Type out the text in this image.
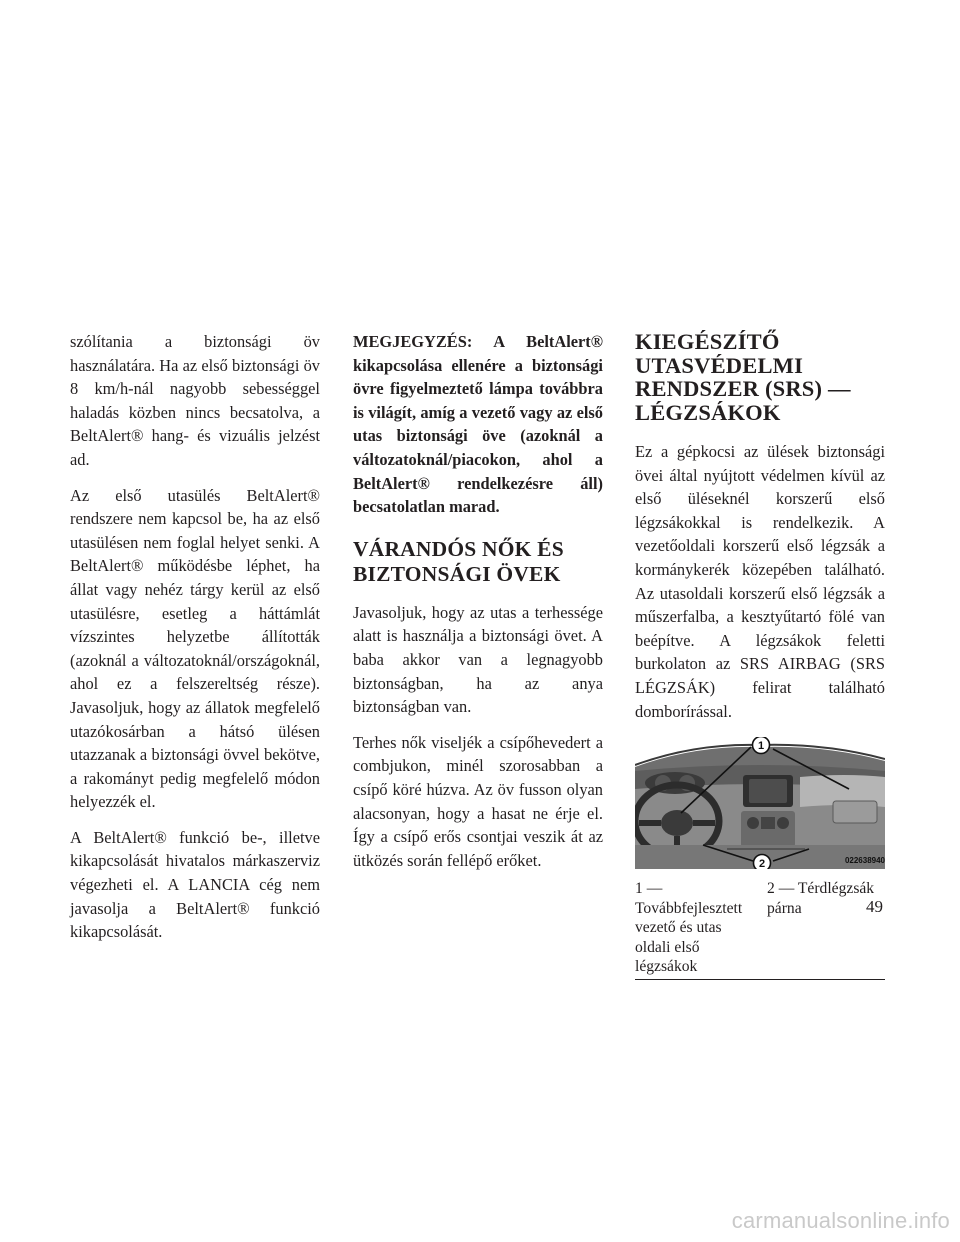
szólítania a biztonsági öv használatára. Ha az első biztonsági öv 8 km/h-nál nagyobb sebességgel haladás közben nincs becsatolva, a BeltAlert® hang- és vizuális jelzést ad.

Az első utasülés BeltAlert® rendszere nem kapcsol be, ha az első utasülésen nem foglal helyet senki. A BeltAlert® működésbe léphet, ha állat vagy nehéz tárgy kerül az első utasülésre, esetleg a háttámlát vízszintes helyzetbe állították (azoknál a változatoknál/országoknál, ahol ez a felszereltség része). Javasoljuk, hogy az állatok megfelelő utazókosárban a hátsó ülésen utazzanak a biztonsági övvel bekötve, a rakományt pedig megfelelő módon helyezzék el.

A BeltAlert® funkció be-, illetve kikapcsolását hivatalos márkaszerviz végezheti el. A LANCIA cég nem javasolja a BeltAlert® funkció kikapcsolását.

MEGJEGYZÉS: A BeltAlert® kikapcsolása ellenére a biztonsági övre figyelmeztető lámpa továbbra is világít, amíg a vezető vagy az első utas biztonsági öve (azoknál a változatoknál/piacokon, ahol a BeltAlert® rendelkezésre áll) becsatolatlan marad.

VÁRANDÓS NŐK ÉS BIZTONSÁGI ÖVEK

Javasoljuk, hogy az utas a terhessége alatt is használja a biztonsági övet. A baba akkor van a legnagyobb biztonságban, ha az anya biztonságban van.

Terhes nők viseljék a csípőhevedert a combjukon, minél szorosabban a csípő köré húzva. Az öv fusson olyan alacsonyan, hogy a hasat ne érje el. Így a csípő erős csontjai veszik át az ütközés során fellépő erőket.

KIEGÉSZÍTŐ UTASVÉDELMI RENDSZER (SRS) — LÉGZSÁKOK

Ez a gépkocsi az ülések biztonsági övei által nyújtott védelmen kívül az első üléseknél korszerű első légzsákokkal is rendelkezik. A vezetőoldali korszerű első légzsák a kormánykerék közepében található. Az utasoldali korszerű első légzsák a műszerfalba, a kesztyűtartó fölé van beépítve. A légzsákok feletti burkolaton az SRS AIRBAG (SRS LÉGZSÁK) felirat található domborírással.

1
2	022638940
1 — Továbbfejlesztett vezető és utas oldali első légzsákok
2 — Térdlégzsák párna	49
carmanualsonline.info
